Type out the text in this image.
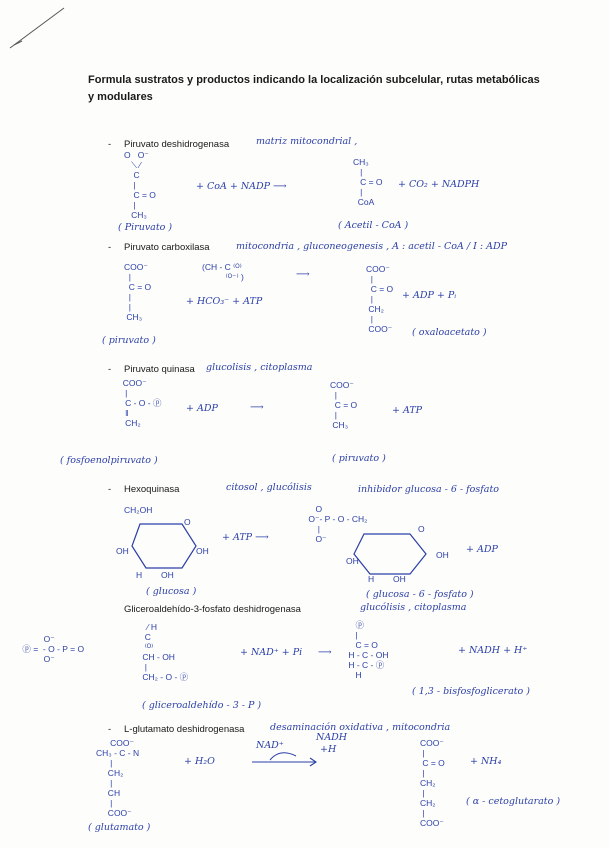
Formula sustratos y productos indicando la localización subcelular, rutas metabólicas y modulares
- Piruvato deshidrogenasa	matriz mitocondrial ,
O   O⁻
⟍ ⁄
C
|
C = O
|
CH₃
+ CoA + NADP ⟶
CH₃
|
C = O
|
CoA
+ CO₂ + NADPH
( Piruvato )	( Acetil - CoA )
- Piruvato carboxilasa	mitocondria , gluconeogenesis , A : acetil - CoA / I : ADP
COO⁻
|
C = O
|
|
CH₃
(CH - C ⁽ᴼ⁾
⁽ᴼ⁻⁾ )	⟶
+ HCO₃⁻ + ATP
COO⁻
|
C = O
|
CH₂
|
COO⁻
+ ADP + Pᵢ
( piruvato )
( oxaloacetato )
- Piruvato quinasa glucolisis , citoplasma
COO⁻
|
C - O - ⓟ
‖
CH₂
+ ADP	⟶
COO⁻
|
C = O
|
CH₃
+ ATP
( fosfoenolpiruvato )	( piruvato )
- Hexoquinasa	citosol , glucólisis	inhibidor glucosa - 6 - fosfato
CH₂OH
O
OH	OH
H        OH
+ ATP ⟶
O
O⁻- P - O - CH₂
|
O⁻
O
OH
OH
H        OH
+ ADP
( glucosa )	( glucosa - 6 - fosfato )
Gliceroaldehído-3-fosfato deshidrogenasa	glucólisis , citoplasma
O⁻
ⓟ =  - O - P = O
O⁻
⁄ H
C
⁽ᴼ⁾
CH - OH
|
CH₂ - O - ⓟ
+ NAD⁺ + Pi ⟶
ⓟ
|
C = O
H - C - OH
H - C - ⓟ
H
+ NADH + H⁺
( gliceroaldehído - 3 - P )
( 1,3 - bisfosfoglicerato )
- L-glutamato deshidrogenasa	desaminación oxidativa , mitocondria
COO⁻
CH₃ - C - N
|
CH₂
|
CH
|
COO⁻
+ H₂O
NAD⁺
NADH
+H
COO⁻
|
C = O
|
CH₂
|
CH₂
|
COO⁻
+ NH₄
( glutamato )
( α - cetoglutarato )
